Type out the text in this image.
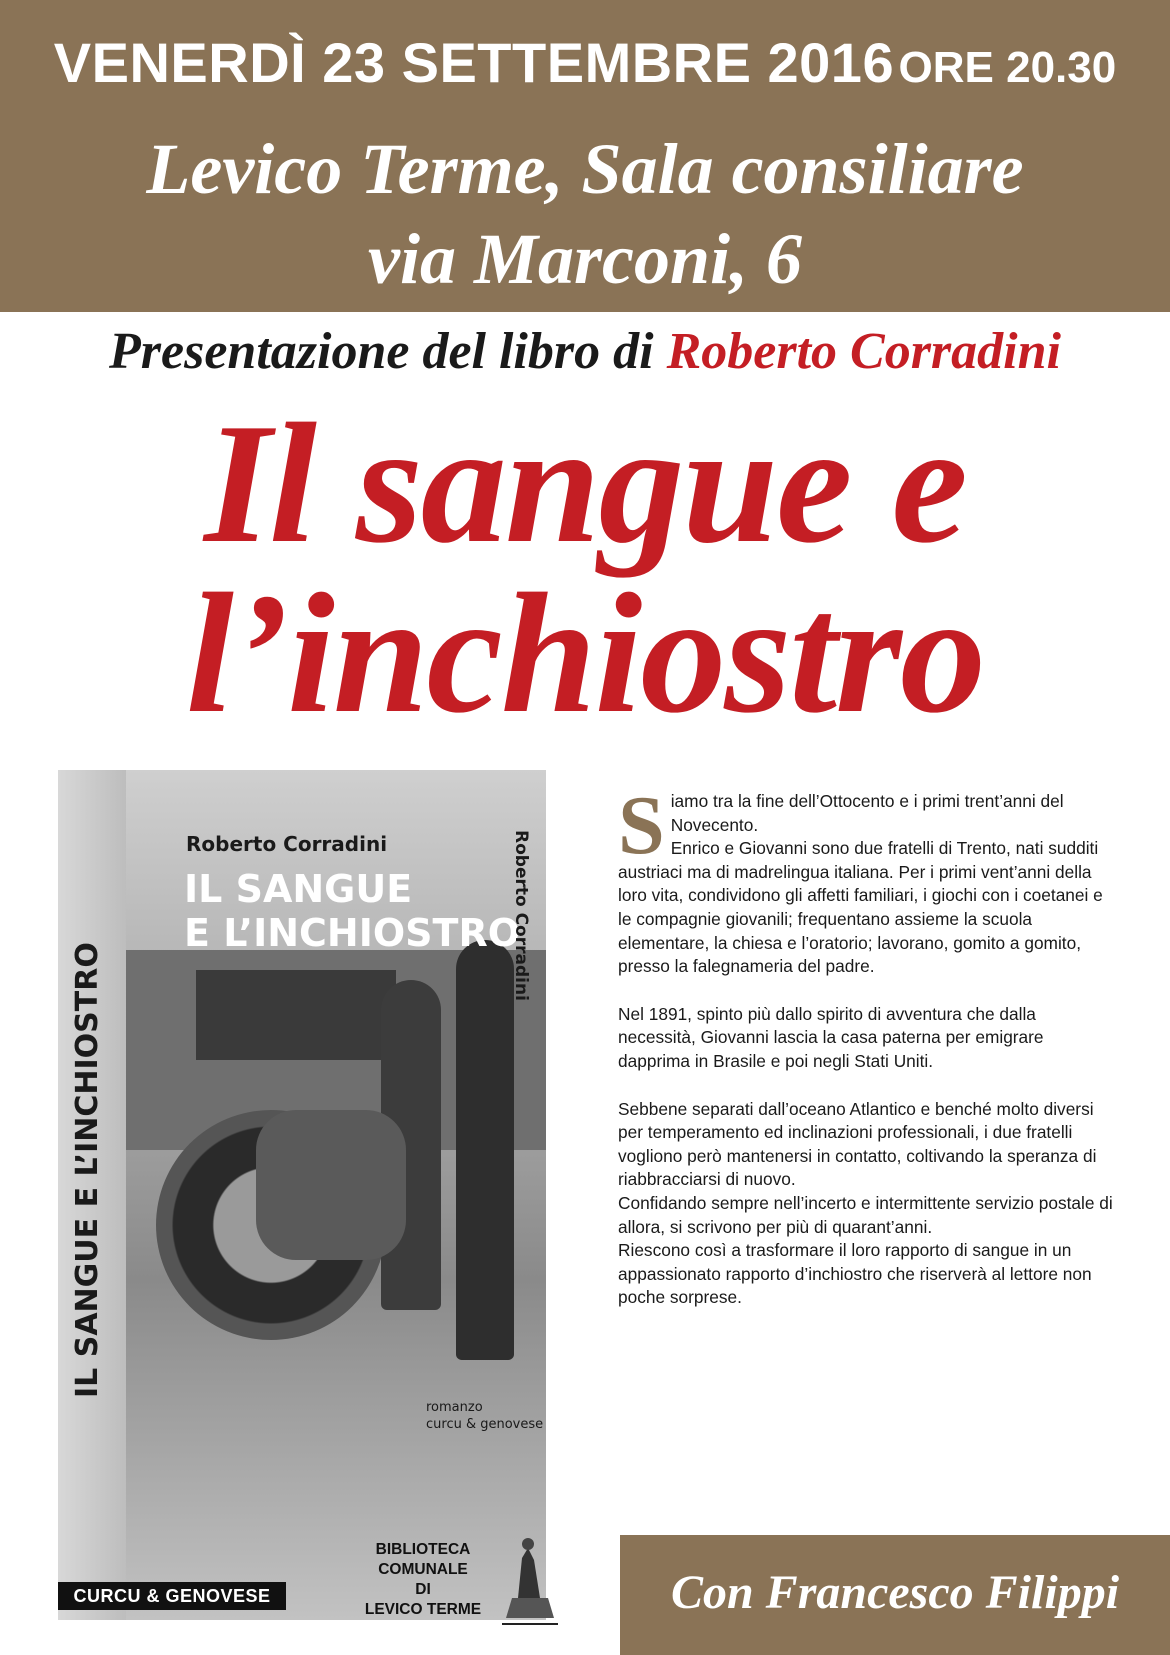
VENERDÌ 23 SETTEMBRE 2016 ORE 20.30
Levico Terme, Sala consiliare
via Marconi, 6
Presentazione del libro di Roberto Corradini
Il sangue e
l’inchiostro
IL SANGUE E L’INCHIOSTRO
Roberto Corradini
IL SANGUE
E L’INCHIOSTRO
Roberto Corradini
romanzo
curcu & genovese

Siamo tra la fine dell’Ottocento e i primi trent’anni del Novecento.
Enrico e Giovanni sono due fratelli di Trento, nati sudditi austriaci ma di madrelingua italiana. Per i primi vent’anni della loro vita, condividono gli affetti familiari, i giochi con i coetanei e le compagnie giovanili; frequentano assieme la scuola elementare, la chiesa e l’oratorio; lavorano, gomito a gomito, presso la falegnameria del padre.

Nel 1891, spinto più dallo spirito di avventura che dalla necessità, Giovanni lascia la casa paterna per emigrare dapprima in Brasile e poi negli Stati Uniti.

Sebbene separati dall’oceano Atlantico e benché molto diversi per temperamento ed inclinazioni professionali, i due fratelli vogliono però mantenersi in contatto, coltivando la speranza di riabbracciarsi di nuovo.

Confidando sempre nell’incerto e intermittente servizio postale di allora, si scrivono per più di quarant’anni.

Riescono così a trasformare il loro rapporto di sangue in un appassionato rapporto d’inchiostro che riserverà al lettore non poche sorprese.

CURCU & GENOVESE
BIBLIOTECA
COMUNALE
DI
LEVICO TERME	Con Francesco Filippi
